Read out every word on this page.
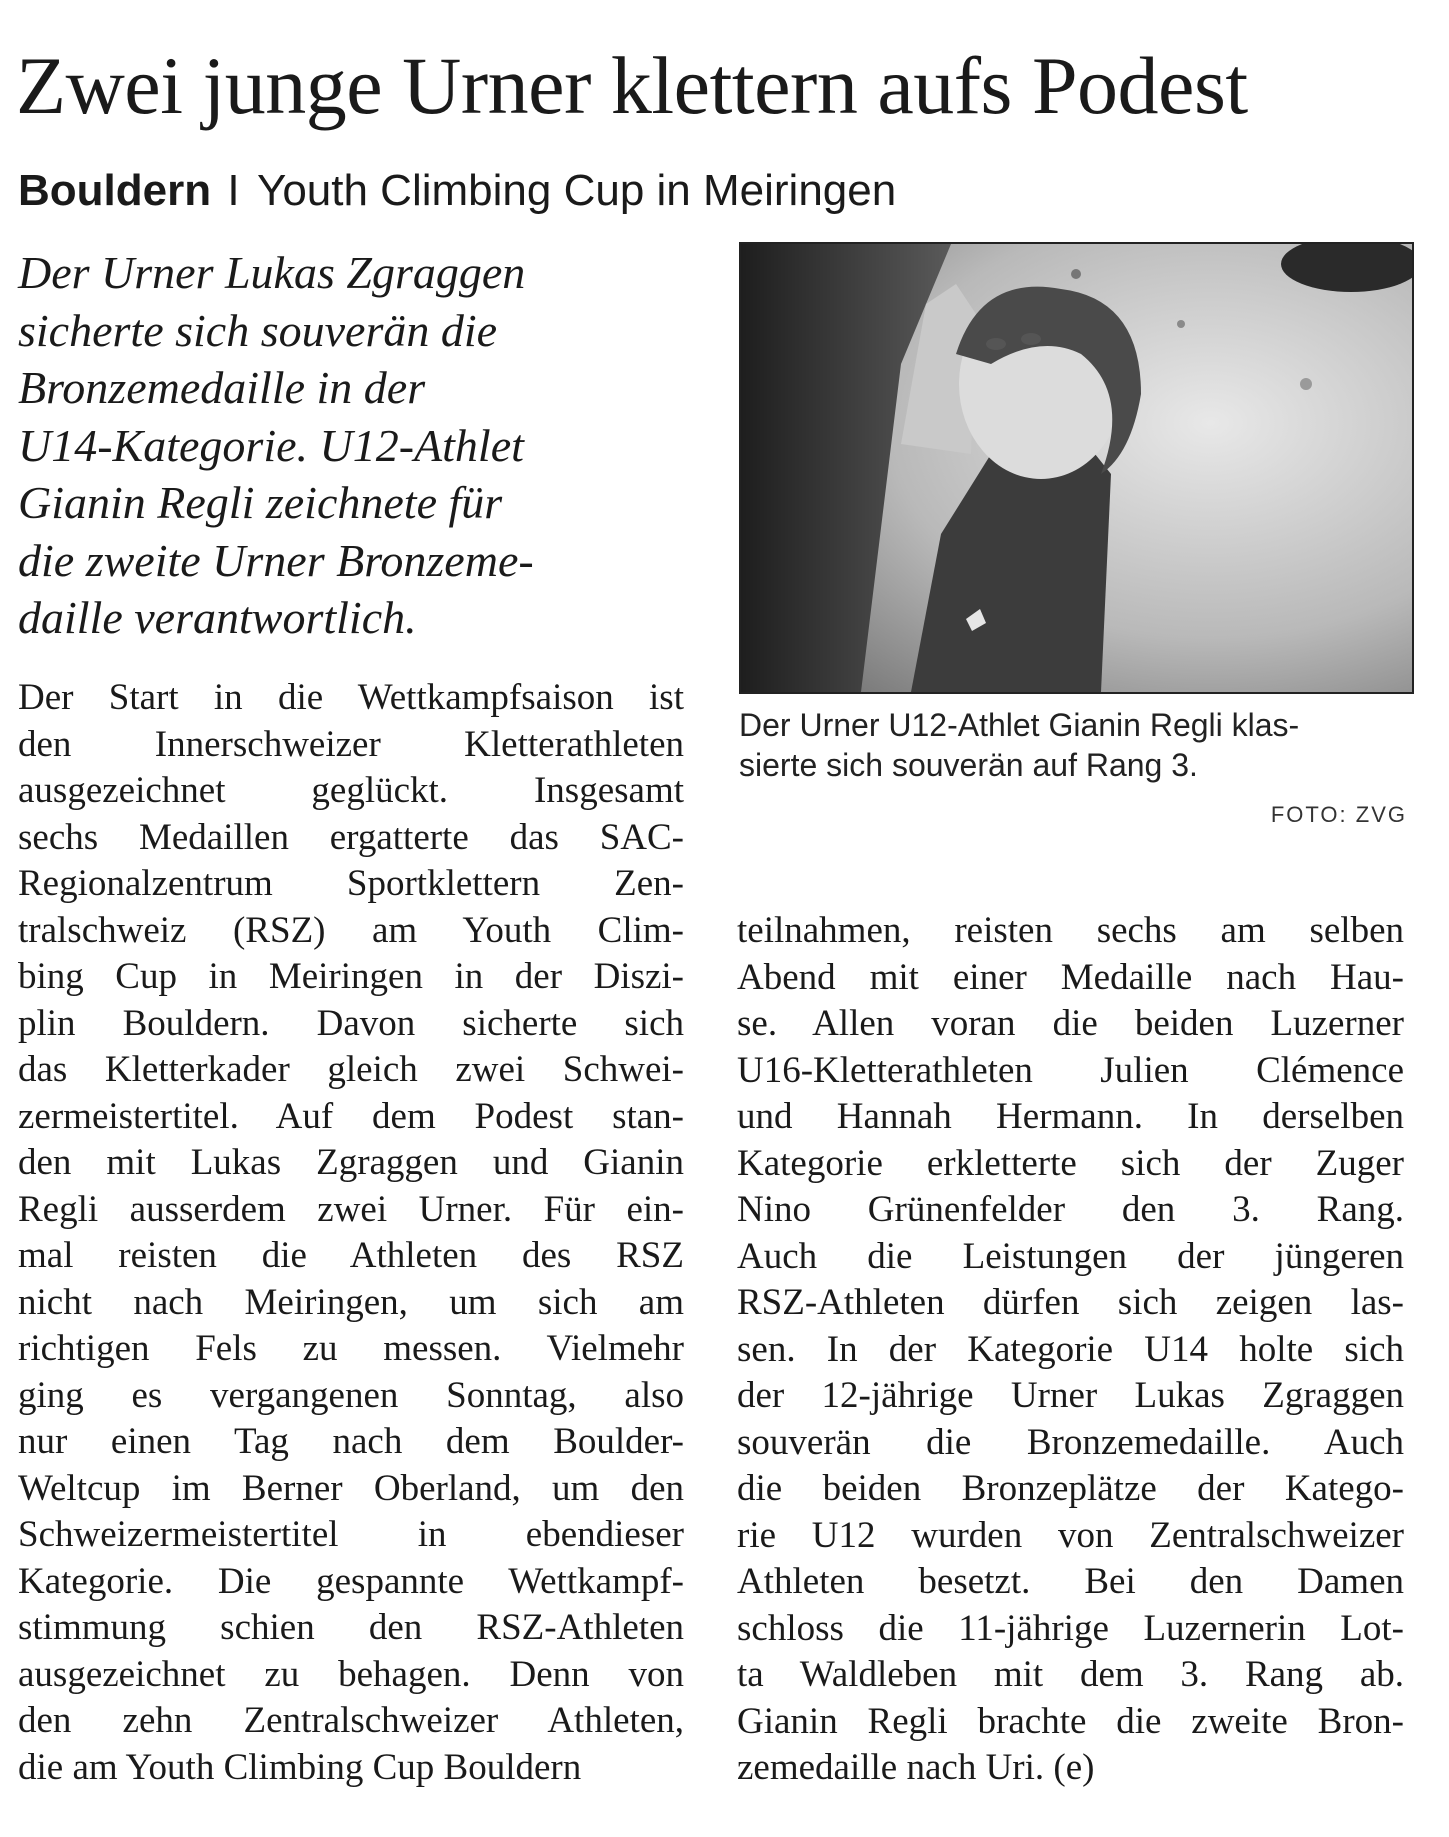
Zwei junge Urner klettern aufs Podest
Bouldern I Youth Climbing Cup in Meiringen
Der Urner Lukas Zgraggen
sicherte sich souverän die
Bronzemedaille in der
U14-Kategorie. U12-Athlet
Gianin Regli zeichnete für
die zweite Urner Bronzeme-
daille verantwortlich.
Der Urner U12-Athlet Gianin Regli klas-
sierte sich souverän auf Rang 3.
FOTO: ZVG
Der Start in die Wettkampfsaison ist
den Innerschweizer Kletterathleten
ausgezeichnet geglückt. Insgesamt
sechs Medaillen ergatterte das SAC-
Regionalzentrum Sportklettern Zen-
tralschweiz (RSZ) am Youth Clim-
bing Cup in Meiringen in der Diszi-
plin Bouldern. Davon sicherte sich
das Kletterkader gleich zwei Schwei-
zermeistertitel. Auf dem Podest stan-
den mit Lukas Zgraggen und Gianin
Regli ausserdem zwei Urner. Für ein-
mal reisten die Athleten des RSZ
nicht nach Meiringen, um sich am
richtigen Fels zu messen. Vielmehr
ging es vergangenen Sonntag, also
nur einen Tag nach dem Boulder-
Weltcup im Berner Oberland, um den
Schweizermeistertitel in ebendieser
Kategorie. Die gespannte Wettkampf-
stimmung schien den RSZ-Athleten
ausgezeichnet zu behagen. Denn von
den zehn Zentralschweizer Athleten,
die am Youth Climbing Cup Bouldern
teilnahmen, reisten sechs am selben
Abend mit einer Medaille nach Hau-
se. Allen voran die beiden Luzerner
U16-Kletterathleten Julien Clémence
und Hannah Hermann. In derselben
Kategorie erkletterte sich der Zuger
Nino Grünenfelder den 3. Rang.
Auch die Leistungen der jüngeren
RSZ-Athleten dürfen sich zeigen las-
sen. In der Kategorie U14 holte sich
der 12-jährige Urner Lukas Zgraggen
souverän die Bronzemedaille. Auch
die beiden Bronzeplätze der Katego-
rie U12 wurden von Zentralschweizer
Athleten besetzt. Bei den Damen
schloss die 11-jährige Luzernerin Lot-
ta Waldleben mit dem 3. Rang ab.
Gianin Regli brachte die zweite Bron-
zemedaille nach Uri. (e)
